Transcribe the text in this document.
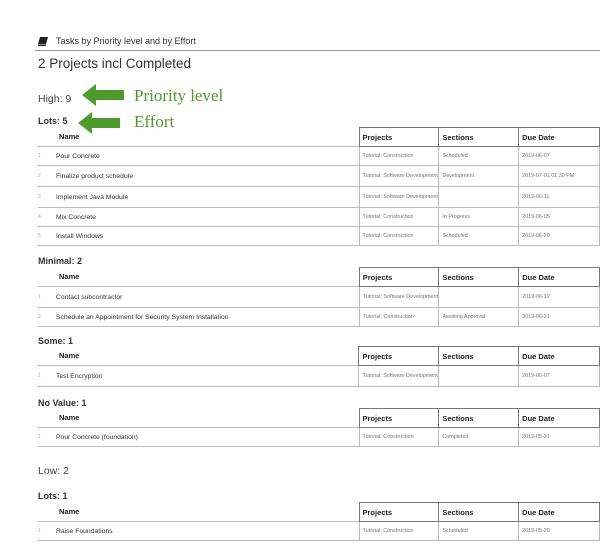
Tasks by Priority level and by Effort
2 Projects incl Completed
Priority level
Effort
High: 9
Lots: 5
Name		Projects	Sections	Due Date
1	Pour Concrete	Tutorial: Construction	Scheduled	2019-06-07
2	Finalize product schedule	Tutorial: Software Development	Development	2019-07-01 01:30 PM
3	Implement Java Module	Tutorial: Software Development		2019-06-11
4	Mix Concrete	Tutorial: Construction	In Progress	2019-06-05
5	Install Windows	Tutorial: Construction	Scheduled	2019-06-20
Minimal: 2
Name		Projects	Sections	Due Date
1	Contact subcontractor	Tutorial: Software Development		2019-06-12
2	Schedule an Appointment for Security System Installation	Tutorial: Construction	Awaiting Approval	2019-06-21
Some: 1
Name		Projects	Sections	Due Date
1	Test Encryption	Tutorial: Software Development		2019-06-07
No Value: 1
Name		Projects	Sections	Due Date
1	Pour Concrete (foundation)	Tutorial: Construction	Completed	2019-05-31
Low: 2
Lots: 1
Name		Projects	Sections	Due Date
1	Raise Foundations	Tutorial: Construction	Scheduled	2019-05-20
